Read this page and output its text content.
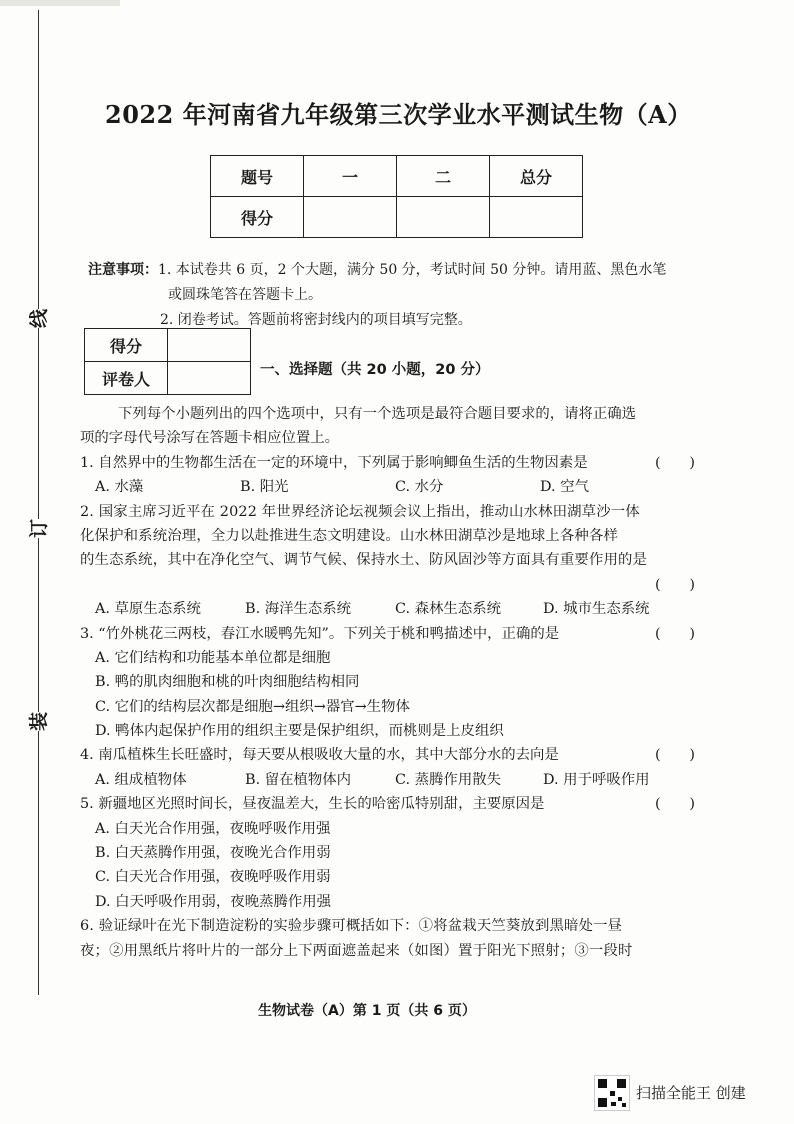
线
订
装
2022 年河南省九年级第三次学业水平测试生物（A）
题号	一	二	总分
得分			
注意事项：1. 本试卷共 6 页，2 个大题，满分 50 分，考试时间 50 分钟。请用蓝、黑色水笔
或圆珠笔答在答题卡上。
2. 闭卷考试。答题前将密封线内的项目填写完整。
得分	
评卷人		一、选择题（共 20 小题，20 分）
下列每个小题列出的四个选项中，只有一个选项是最符合题目要求的，请将正确选
项的字母代号涂写在答题卡相应位置上。
1. 自然界中的生物都生活在一定的环境中，下列属于影响鲫鱼生活的生物因素是	(　　)
A. 水藻	B. 阳光	C. 水分	D. 空气
2. 国家主席习近平在 2022 年世界经济论坛视频会议上指出，推动山水林田湖草沙一体
化保护和系统治理，全力以赴推进生态文明建设。山水林田湖草沙是地球上各种各样
的生态系统，其中在净化空气、调节气候、保持水土、防风固沙等方面具有重要作用的是
(　　)
A. 草原生态系统	B. 海洋生态系统	C. 森林生态系统	D. 城市生态系统
3. “竹外桃花三两枝，春江水暖鸭先知”。下列关于桃和鸭描述中，正确的是	(　　)
A. 它们结构和功能基本单位都是细胞
B. 鸭的肌肉细胞和桃的叶肉细胞结构相同
C. 它们的结构层次都是细胞→组织→器官→生物体
D. 鸭体内起保护作用的组织主要是保护组织，而桃则是上皮组织
4. 南瓜植株生长旺盛时，每天要从根吸收大量的水，其中大部分水的去向是	(　　)
A. 组成植物体	B. 留在植物体内	C. 蒸腾作用散失	D. 用于呼吸作用
5. 新疆地区光照时间长，昼夜温差大，生长的哈密瓜特别甜，主要原因是	(　　)
A. 白天光合作用强，夜晚呼吸作用强
B. 白天蒸腾作用强，夜晚光合作用弱
C. 白天光合作用强，夜晚呼吸作用弱
D. 白天呼吸作用弱，夜晚蒸腾作用强
6. 验证绿叶在光下制造淀粉的实验步骤可概括如下：①将盆栽天竺葵放到黑暗处一昼
夜；②用黑纸片将叶片的一部分上下两面遮盖起来（如图）置于阳光下照射；③一段时
生物试卷（A）第 1 页（共 6 页）
扫描全能王 创建
